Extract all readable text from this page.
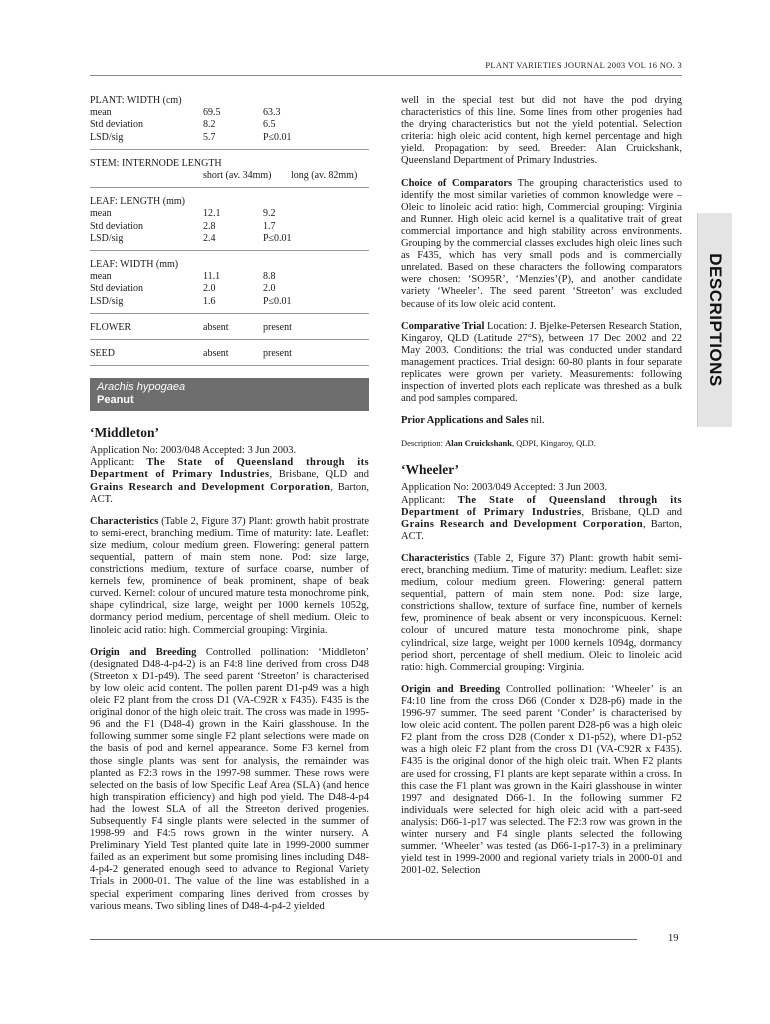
PLANT VARIETIES JOURNAL 2003 VOL 16 NO. 3
PLANT: WIDTH (cm)		
mean	69.5	63.3
Std deviation	8.2	6.5
LSD/sig	5.7	P≤0.01
STEM: INTERNODE LENGTH
	short (av. 34mm)	long (av. 82mm)
LEAF: LENGTH (mm)		
mean	12.1	9.2
Std deviation	2.8	1.7
LSD/sig	2.4	P≤0.01
LEAF: WIDTH (mm)		
mean	11.1	8.8
Std deviation	2.0	2.0
LSD/sig	1.6	P≤0.01
FLOWER	absent	present
SEED	absent	present
Arachis hypogaea
Peanut
‘Middleton’
Application No: 2003/048 Accepted: 3 Jun 2003.
Applicant: The State of Queensland through its Department of Primary Industries, Brisbane, QLD and Grains Research and Development Corporation, Barton, ACT.

Characteristics (Table 2, Figure 37) Plant: growth habit prostrate to semi-erect, branching medium. Time of maturity: late. Leaflet: size medium, colour medium green. Flowering: general pattern sequential, pattern of main stem none. Pod: size large, constrictions medium, texture of surface coarse, number of kernels few, prominence of beak prominent, shape of beak curved. Kernel: colour of uncured mature testa monochrome pink, shape cylindrical, size large, weight per 1000 kernels 1052g, dormancy period medium, percentage of shell medium. Oleic to linoleic acid ratio: high. Commercial grouping: Virginia.

Origin and Breeding Controlled pollination: ‘Middleton’ (designated D48-4-p4-2) is an F4:8 line derived from cross D48 (Streeton x D1-p49). The seed parent ‘Streeton’ is characterised by low oleic acid content. The pollen parent D1-p49 was a high oleic F2 plant from the cross D1 (VA-C92R x F435). F435 is the original donor of the high oleic trait. The cross was made in 1995-96 and the F1 (D48-4) grown in the Kairi glasshouse. In the following summer some single F2 plant selections were made on the basis of pod and kernel appearance. Some F3 kernel from those single plants was sent for analysis, the remainder was planted as F2:3 rows in the 1997-98 summer. These rows were selected on the basis of low Specific Leaf Area (SLA) (and hence high transpiration efficiency) and high pod yield. The D48-4-p4 had the lowest SLA of all the Streeton derived progenies. Subsequently F4 single plants were selected in the summer of 1998-99 and F4:5 rows grown in the winter nursery. A Preliminary Yield Test planted quite late in 1999-2000 summer failed as an experiment but some promising lines including D48-4-p4-2 generated enough seed to advance to Regional Variety Trials in 2000-01. The value of the line was established in a special experiment comparing lines derived from crosses by various means. Two sibling lines of D48-4-p4-2 yielded

well in the special test but did not have the pod drying characteristics of this line. Some lines from other progenies had the drying characteristics but not the yield potential. Selection criteria: high oleic acid content, high kernel percentage and high yield. Propagation: by seed. Breeder: Alan Cruickshank, Queensland Department of Primary Industries.

Choice of Comparators The grouping characteristics used to identify the most similar varieties of common knowledge were – Oleic to linoleic acid ratio: high, Commercial grouping: Virginia and Runner. High oleic acid kernel is a qualitative trait of great commercial importance and high stability across environments. Grouping by the commercial classes excludes high oleic lines such as F435, which has very small pods and is commercially unrelated. Based on these characters the following comparators were chosen: ‘SO95R’, ‘Menzies’(P), and another candidate variety ‘Wheeler’. The seed parent ‘Streeton’ was excluded because of its low oleic acid content.

Comparative Trial Location: J. Bjelke-Petersen Research Station, Kingaroy, QLD (Latitude 27°S), between 17 Dec 2002 and 22 May 2003. Conditions: the trial was conducted under standard management practices. Trial design: 60-80 plants in four separate replicates were grown per variety. Measurements: following inspection of inverted plots each replicate was threshed as a bulk and pod samples compared.

Prior Applications and Sales nil.

Description: Alan Cruickshank, QDPI, Kingaroy, QLD.
‘Wheeler’
Application No: 2003/049 Accepted: 3 Jun 2003.
Applicant: The State of Queensland through its Department of Primary Industries, Brisbane, QLD and Grains Research and Development Corporation, Barton, ACT.

Characteristics (Table 2, Figure 37) Plant: growth habit semi-erect, branching medium. Time of maturity: medium. Leaflet: size medium, colour medium green. Flowering: general pattern sequential, pattern of main stem none. Pod: size large, constrictions shallow, texture of surface fine, number of kernels few, prominence of beak absent or very inconspicuous. Kernel: colour of uncured mature testa monochrome pink, shape cylindrical, size large, weight per 1000 kernels 1094g, dormancy period short, percentage of shell medium. Oleic to linoleic acid ratio: high. Commercial grouping: Virginia.

Origin and Breeding Controlled pollination: ‘Wheeler’ is an F4:10 line from the cross D66 (Conder x D28-p6) made in the 1996-97 summer. The seed parent ‘Conder’ is characterised by low oleic acid content. The pollen parent D28-p6 was a high oleic F2 plant from the cross D28 (Conder x D1-p52), where D1-p52 was a high oleic F2 plant from the cross D1 (VA-C92R x F435). F435 is the original donor of the high oleic trait. When F2 plants are used for crossing, F1 plants are kept separate within a cross. In this case the F1 plant was grown in the Kairi glasshouse in winter 1997 and designated D66-1. In the following summer F2 individuals were selected for high oleic acid with a part-seed analysis: D66-1-p17 was selected. The F2:3 row was grown in the winter nursery and F4 single plants selected the following summer. ‘Wheeler’ was tested (as D66-1-p17-3) in a preliminary yield test in 1999-2000 and regional variety trials in 2000-01 and 2001-02. Selection

DESCRIPTIONS
19
